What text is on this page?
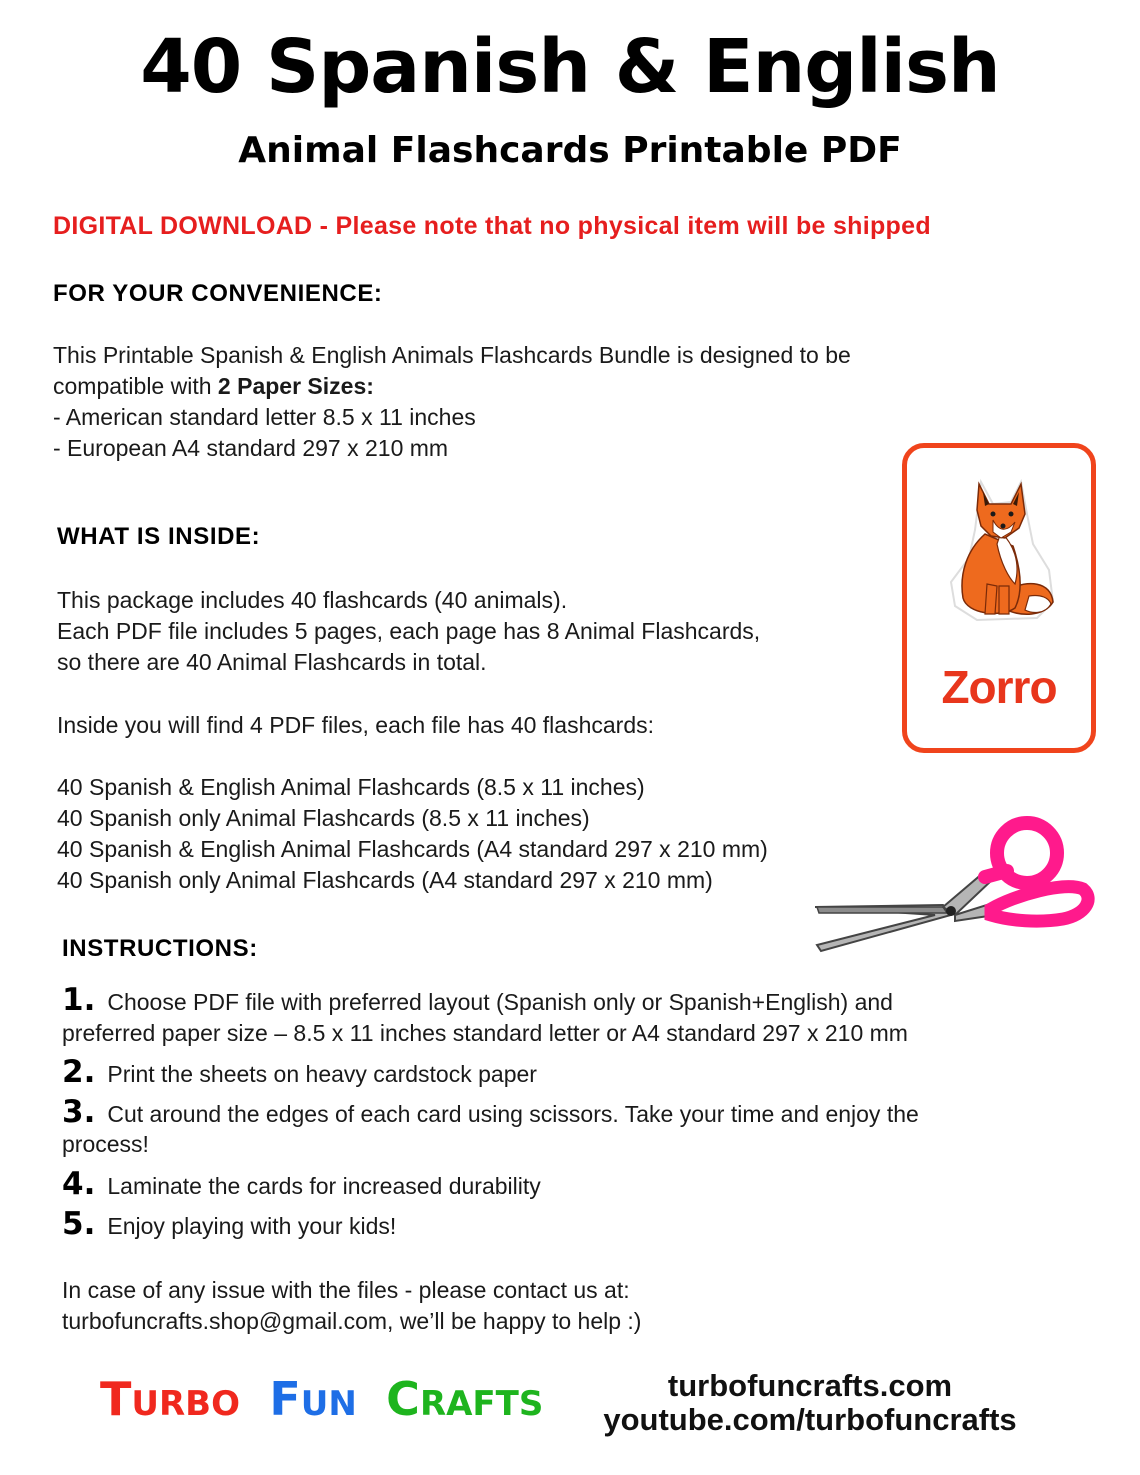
40 Spanish & English
Animal Flashcards Printable PDF
DIGITAL DOWNLOAD - Please note that no physical item will be shipped
FOR YOUR CONVENIENCE:
This Printable Spanish & English Animals Flashcards Bundle is designed to be
compatible with 2 Paper Sizes:
- American standard letter 8.5 x 11 inches
- European A4 standard 297 x 210 mm
WHAT IS INSIDE:
This package includes 40 flashcards (40 animals).
Each PDF file includes 5 pages, each page has 8 Animal Flashcards,
so there are 40 Animal Flashcards in total.
Inside you will find 4 PDF files, each file has 40 flashcards:
40 Spanish & English Animal Flashcards (8.5 x 11 inches)
40 Spanish only Animal Flashcards (8.5 x 11 inches)
40 Spanish & English Animal Flashcards (A4 standard 297 x 210 mm)
40 Spanish only Animal Flashcards (A4 standard 297 x 210 mm)
Zorro
INSTRUCTIONS:
1. Choose PDF file with preferred layout (Spanish only or Spanish+English) and
preferred paper size – 8.5 x 11 inches standard letter or A4 standard 297 x 210 mm
2. Print the sheets on heavy cardstock paper
3. Cut around the edges of each card using scissors. Take your time and enjoy the
process!
4. Laminate the cards for increased durability
5. Enjoy playing with your kids!
In case of any issue with the files - please contact us at:
turbofuncrafts.shop@gmail.com, we’ll be happy to help :)
TURBO FUN CRAFTS	turbofuncrafts.com
youtube.com/turbofuncrafts
